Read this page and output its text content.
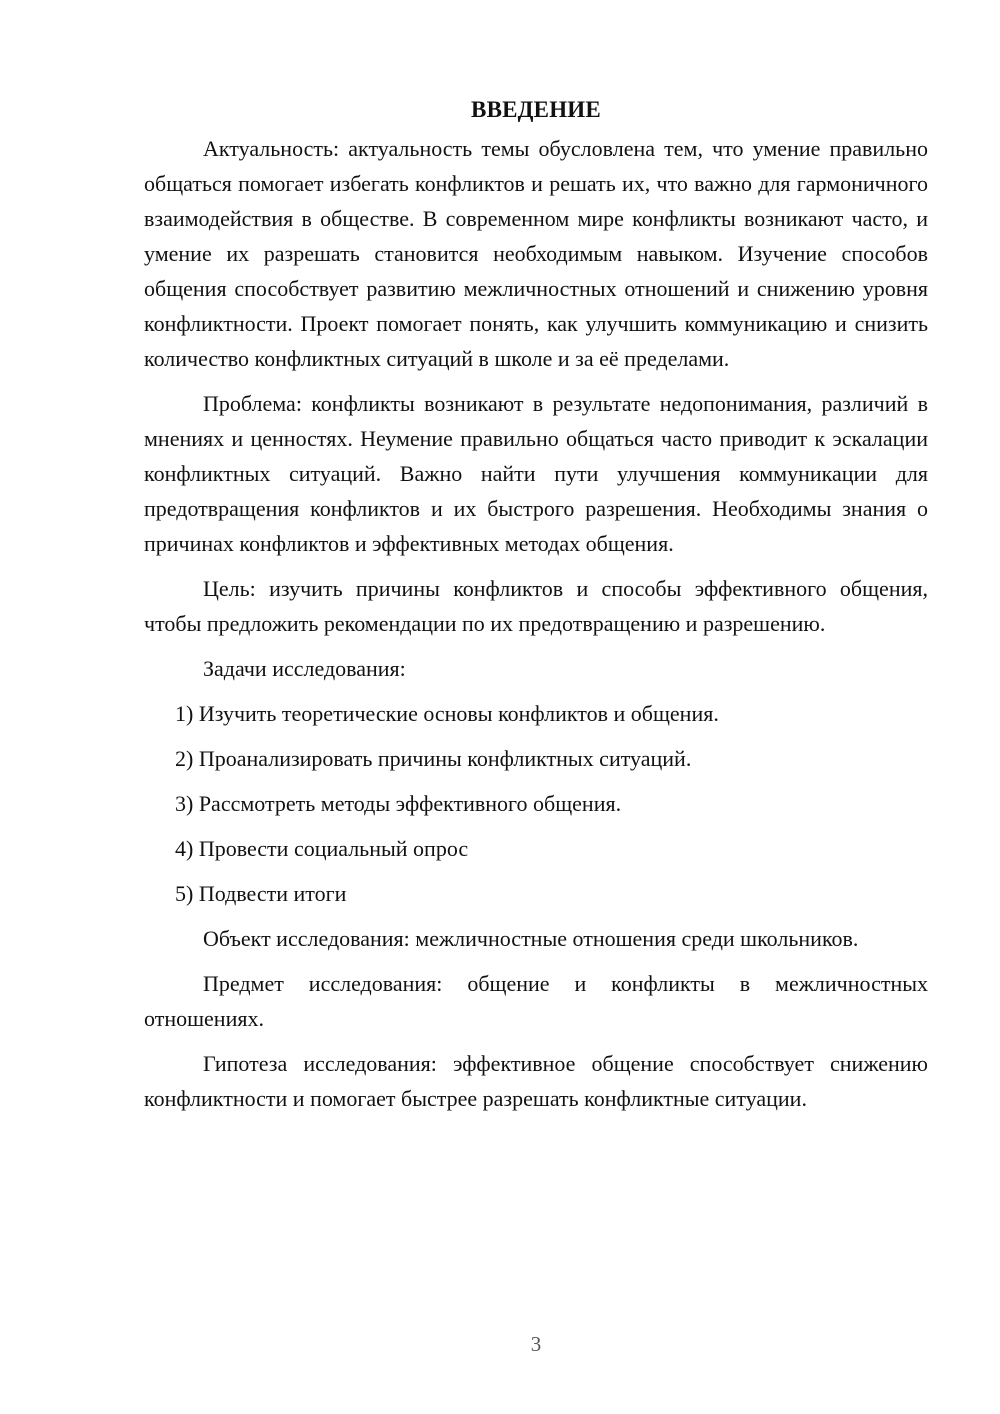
ВВЕДЕНИЕ

Актуальность: актуальность темы обусловлена тем, что умение правильно общаться помогает избегать конфликтов и решать их, что важно для гармоничного взаимодействия в обществе. В современном мире конфликты возникают часто, и умение их разрешать становится необходимым навыком. Изучение способов общения способствует развитию межличностных отношений и снижению уровня конфликтности. Проект помогает понять, как улучшить коммуникацию и снизить количество конфликтных ситуаций в школе и за её пределами.

Проблема: конфликты возникают в результате недопонимания, различий в мнениях и ценностях. Неумение правильно общаться часто приводит к эскалации конфликтных ситуаций. Важно найти пути улучшения коммуникации для предотвращения конфликтов и их быстрого разрешения. Необходимы знания о причинах конфликтов и эффективных методах общения.

Цель: изучить причины конфликтов и способы эффективного общения, чтобы предложить рекомендации по их предотвращению и разрешению.

Задачи исследования:

1) Изучить теоретические основы конфликтов и общения.
2) Проанализировать причины конфликтных ситуаций.
3) Рассмотреть методы эффективного общения.
4) Провести социальный опрос
5) Подвести итоги

Объект исследования: межличностные отношения среди школьников.

Предмет исследования: общение и конфликты в межличностных отношениях.

Гипотеза исследования: эффективное общение способствует снижению конфликтности и помогает быстрее разрешать конфликтные ситуации.

3
